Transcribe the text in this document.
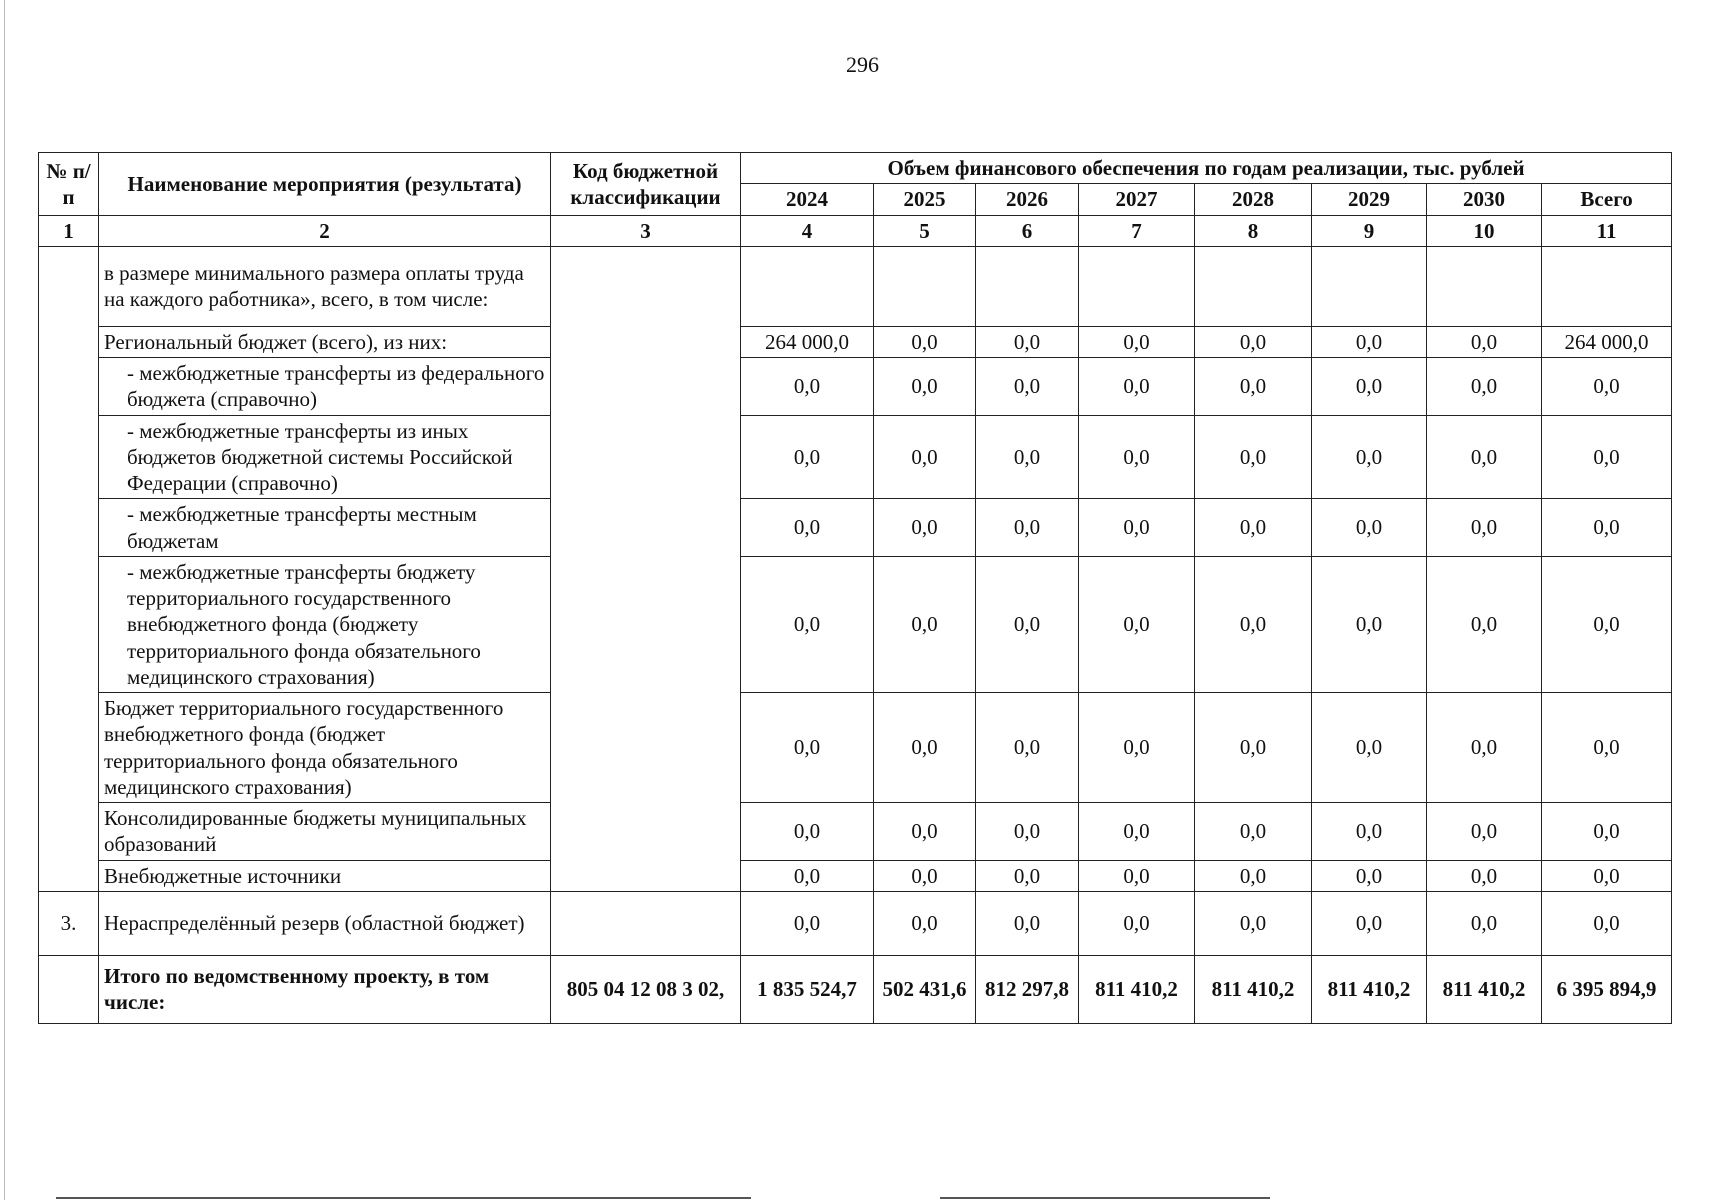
296
№ п/п	Наименование мероприятия (результата)	Код бюджетной классификации	Объем финансового обеспечения по годам реализации, тыс. рублей							
			2024	2025	2026	2027	2028	2029	2030	Всего
1	2	3	4	5	6	7	8	9	10	11
	в размере минимального размера оплаты труда на каждого работника», всего, в том числе:									
	Региональный бюджет (всего), из них:		264 000,0	0,0	0,0	0,0	0,0	0,0	0,0	264 000,0
	- межбюджетные трансферты из федерального бюджета (справочно)		0,0	0,0	0,0	0,0	0,0	0,0	0,0	0,0
	- межбюджетные трансферты из иных бюджетов бюджетной системы Российской Федерации (справочно)		0,0	0,0	0,0	0,0	0,0	0,0	0,0	0,0
	- межбюджетные трансферты местным бюджетам		0,0	0,0	0,0	0,0	0,0	0,0	0,0	0,0
	- межбюджетные трансферты бюджету территориального государственного внебюджетного фонда (бюджету территориального фонда обязательного медицинского страхования)		0,0	0,0	0,0	0,0	0,0	0,0	0,0	0,0
	Бюджет территориального государственного внебюджетного фонда (бюджет территориального фонда обязательного медицинского страхования)		0,0	0,0	0,0	0,0	0,0	0,0	0,0	0,0
	Консолидированные бюджеты муниципальных образований		0,0	0,0	0,0	0,0	0,0	0,0	0,0	0,0
	Внебюджетные источники		0,0	0,0	0,0	0,0	0,0	0,0	0,0	0,0
3.	Нераспределённый резерв (областной бюджет)		0,0	0,0	0,0	0,0	0,0	0,0	0,0	0,0
	Итого по ведомственному проекту, в том числе:	805 04 12 08 3 02,	1 835 524,7	502 431,6	812 297,8	811 410,2	811 410,2	811 410,2	811 410,2	6 395 894,9
